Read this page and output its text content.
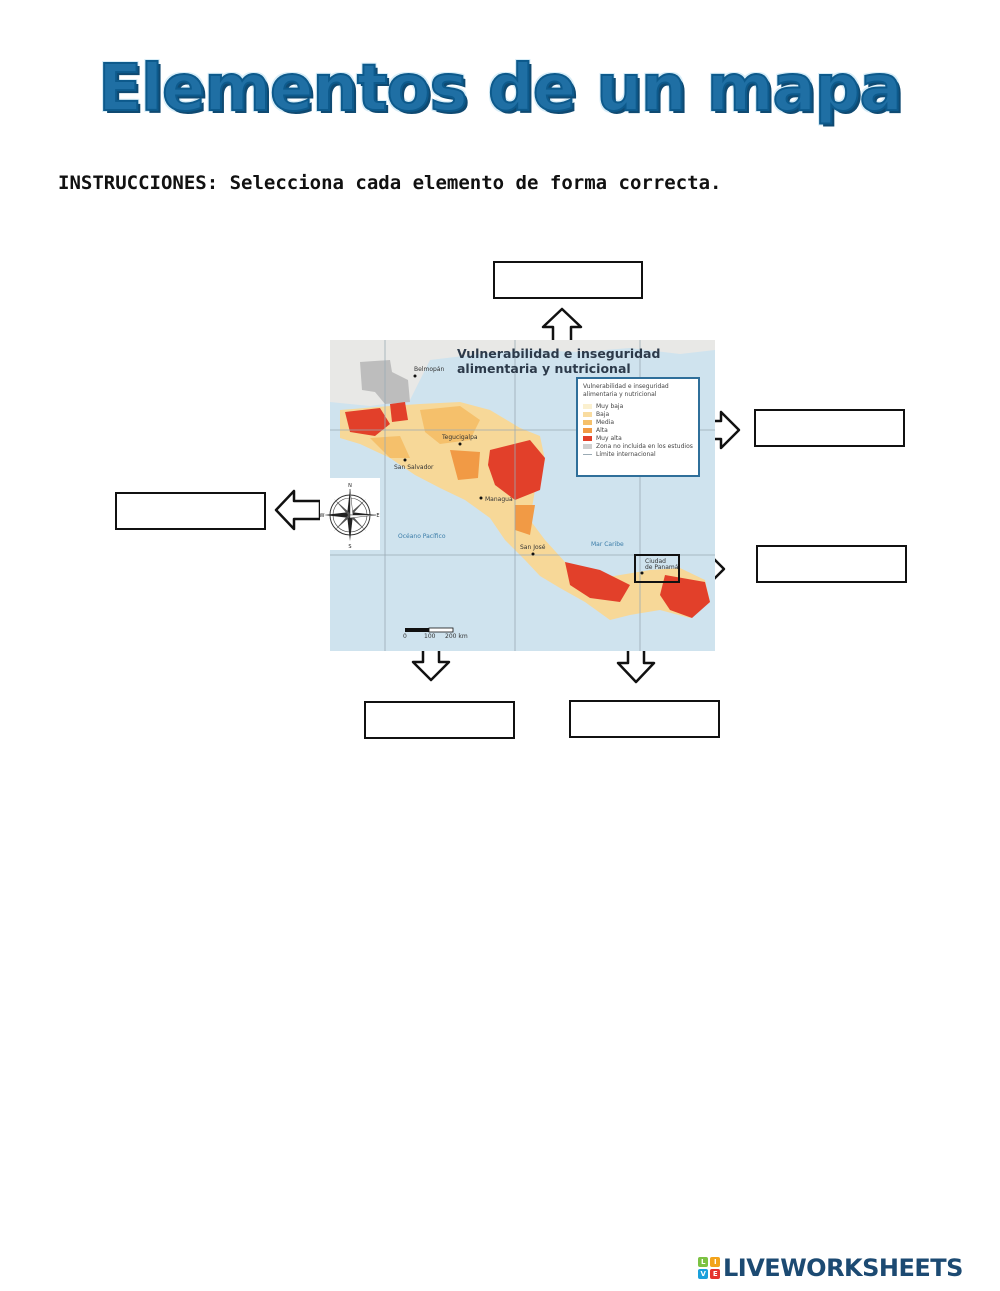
Elementos de un mapa
INSTRUCCIONES: Selecciona cada elemento de forma correcta.
Vulnerabilidad e inseguridad
alimentaria y nutricional
Vulnerabilidad e inseguridad
alimentaria y nutricional
Muy baja
Baja
Media
Alta
Muy alta
Zona no incluida en los estudios
Límite internacional
Belmopán
Tegucigalpa
San Salvador
Managua
San José
Ciudad
de Panamá
Océano Pacífico
Mar Caribe
0	100 200 km
N
S
E
W
L	I
V	E LIVEWORKSHEETS
